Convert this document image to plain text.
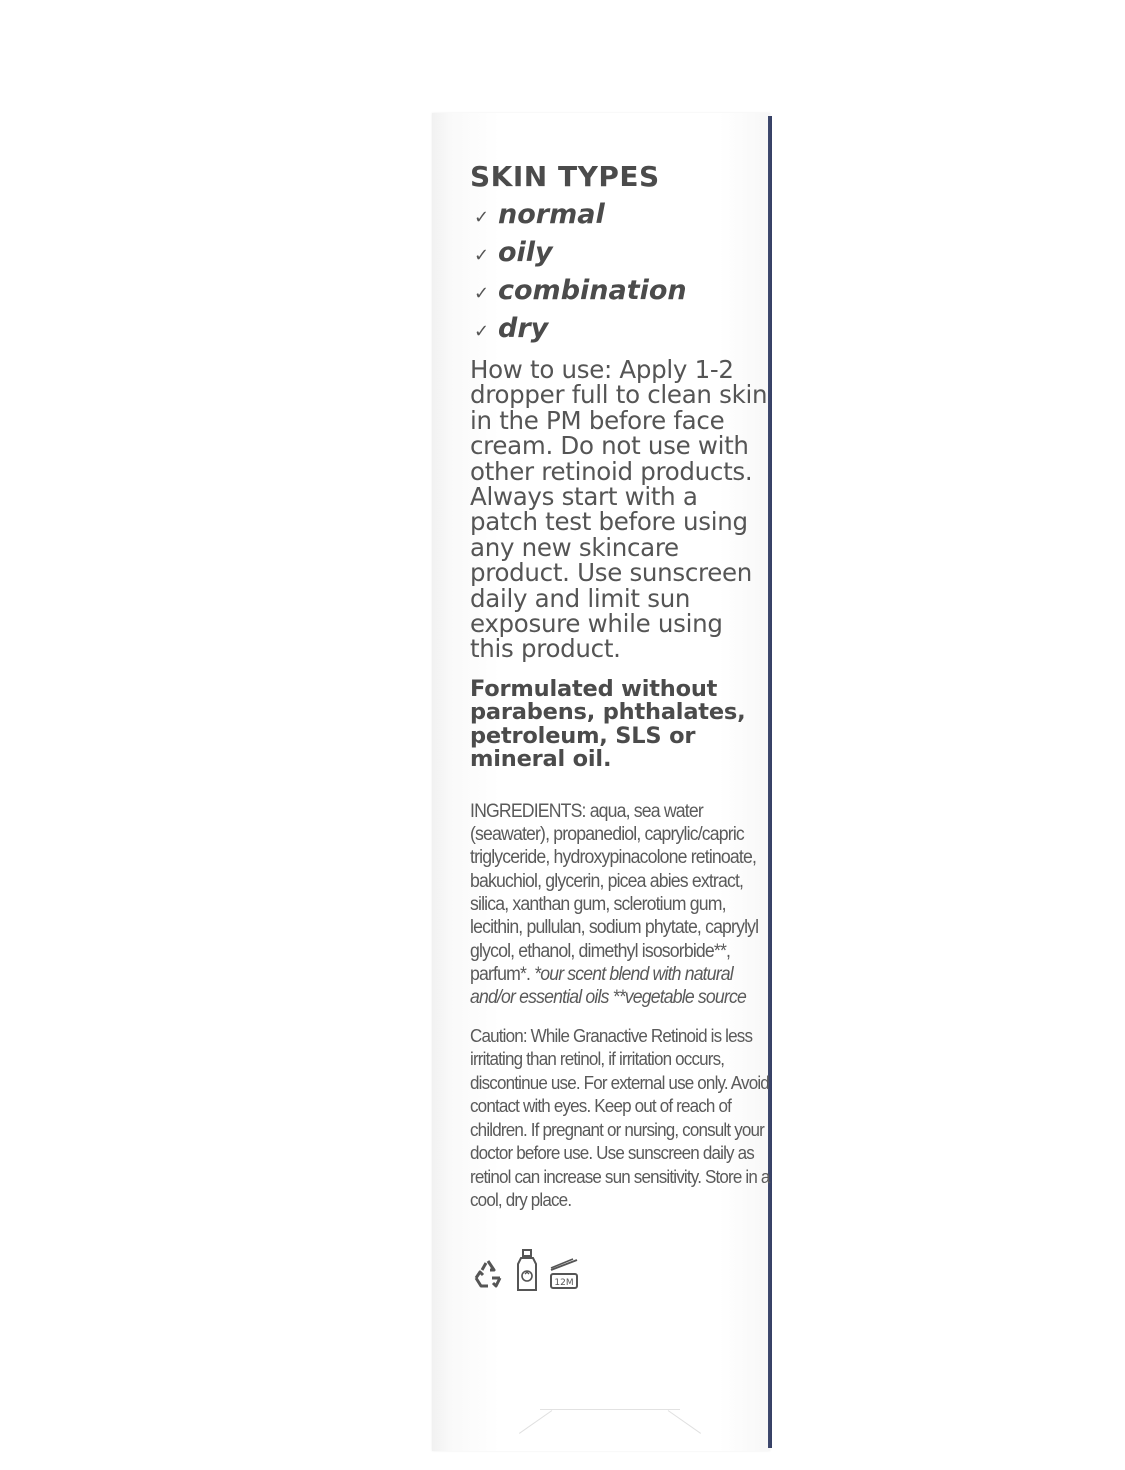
SKIN TYPES
✓ normal
✓ oily
✓ combination
✓ dry
How to use: Apply 1-2 dropper full to clean skin in the PM before face cream. Do not use with other retinoid products. Always start with a patch test before using any new skincare product. Use sunscreen daily and limit sun exposure while using this product.
Formulated without parabens, phthalates, petroleum, SLS or mineral oil.
INGREDIENTS: aqua, sea water (seawater), propanediol, caprylic/capric triglyceride, hydroxypinacolone retinoate, bakuchiol, glycerin, picea abies extract, silica, xanthan gum, sclerotium gum, lecithin, pullulan, sodium phytate, caprylyl glycol, ethanol, dimethyl isosorbide**, parfum*. *our scent blend with natural and/or essential oils **vegetable source
Caution: While Granactive Retinoid is less irritating than retinol, if irritation occurs, discontinue use. For external use only. Avoid contact with eyes. Keep out of reach of children. If pregnant or nursing, consult your doctor before use. Use sunscreen daily as retinol can increase sun sensitivity. Store in a cool, dry place.
12M
